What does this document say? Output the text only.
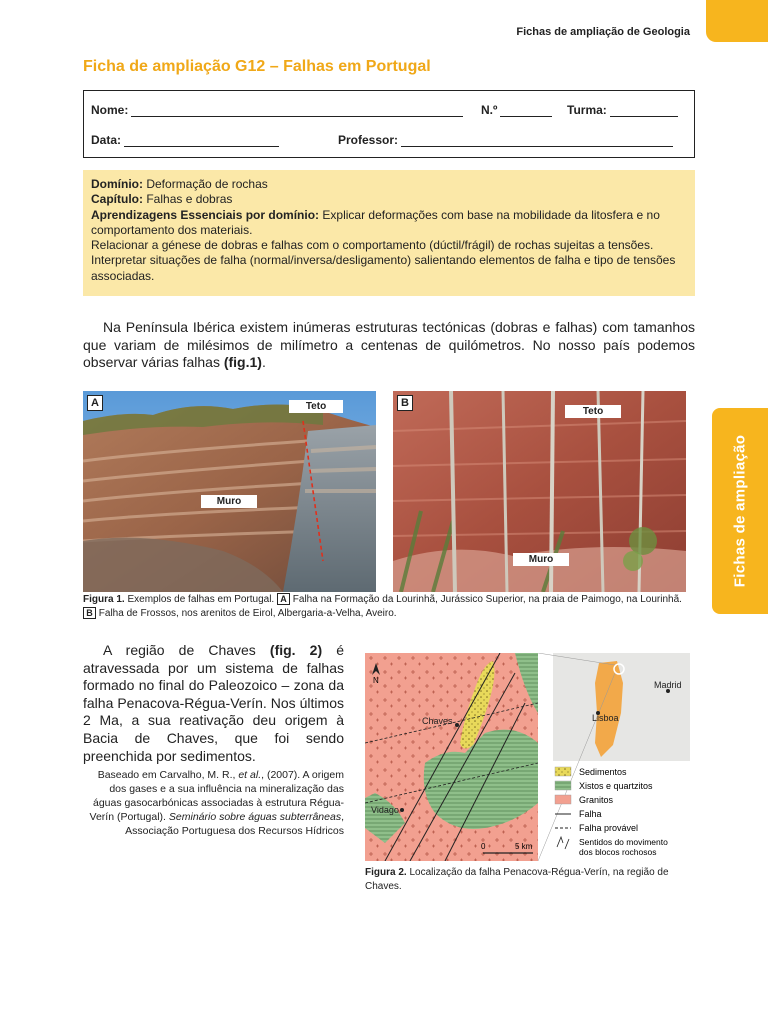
Fichas de ampliação de Geologia
Fichas de ampliação
Ficha de ampliação G12 – Falhas em Portugal
Nome:	N.º	Turma:
Data:	Professor:
Domínio: Deformação de rochas
Capítulo: Falhas e dobras
Aprendizagens Essenciais por domínio: Explicar deformações com base na mobilidade da litosfera e no comportamento dos materiais.
Relacionar a génese de dobras e falhas com o comportamento (dúctil/frágil) de rochas sujeitas a tensões.
Interpretar situações de falha (normal/inversa/desligamento) salientando elementos de falha e tipo de tensões associadas.
Na Península Ibérica existem inúmeras estruturas tectónicas (dobras e falhas) com tamanhos que variam de milésimos de milímetro a centenas de quilómetros. No nosso país podemos observar várias falhas (fig.1).
A	Teto
Muro
B
Teto
Muro
Figura 1. Exemplos de falhas em Portugal. A Falha na Formação da Lourinhã, Jurássico Superior, na praia de Paimogo, na Lourinhã. B Falha de Frossos, nos arenitos de Eirol, Albergaria-a-Velha, Aveiro.
A região de Chaves (fig. 2) é atravessada por um sistema de falhas formado no final do Paleozoico – zona da falha Penacova-Régua-Verín. Nos últimos 2 Ma, a sua reativação deu origem à Bacia de Chaves, que foi sendo preenchida por sedimentos.
Baseado em Carvalho, M. R., et al., (2007). A origem dos gases e a sua influência na mineralização das águas gasocarbónicas associadas à estrutura Régua-Verín (Portugal). Seminário sobre águas subterrâneas, Associação Portuguesa dos Recursos Hídricos
N
Chaves
Vidago
0	5 km
Madrid
Lisboa
Sedimentos
Xistos e quartzitos
Granitos
Falha
Falha provável
Sentidos do movimento
dos blocos rochosos
Figura 2. Localização da falha Penacova-Régua-Verín, na região de Chaves.
